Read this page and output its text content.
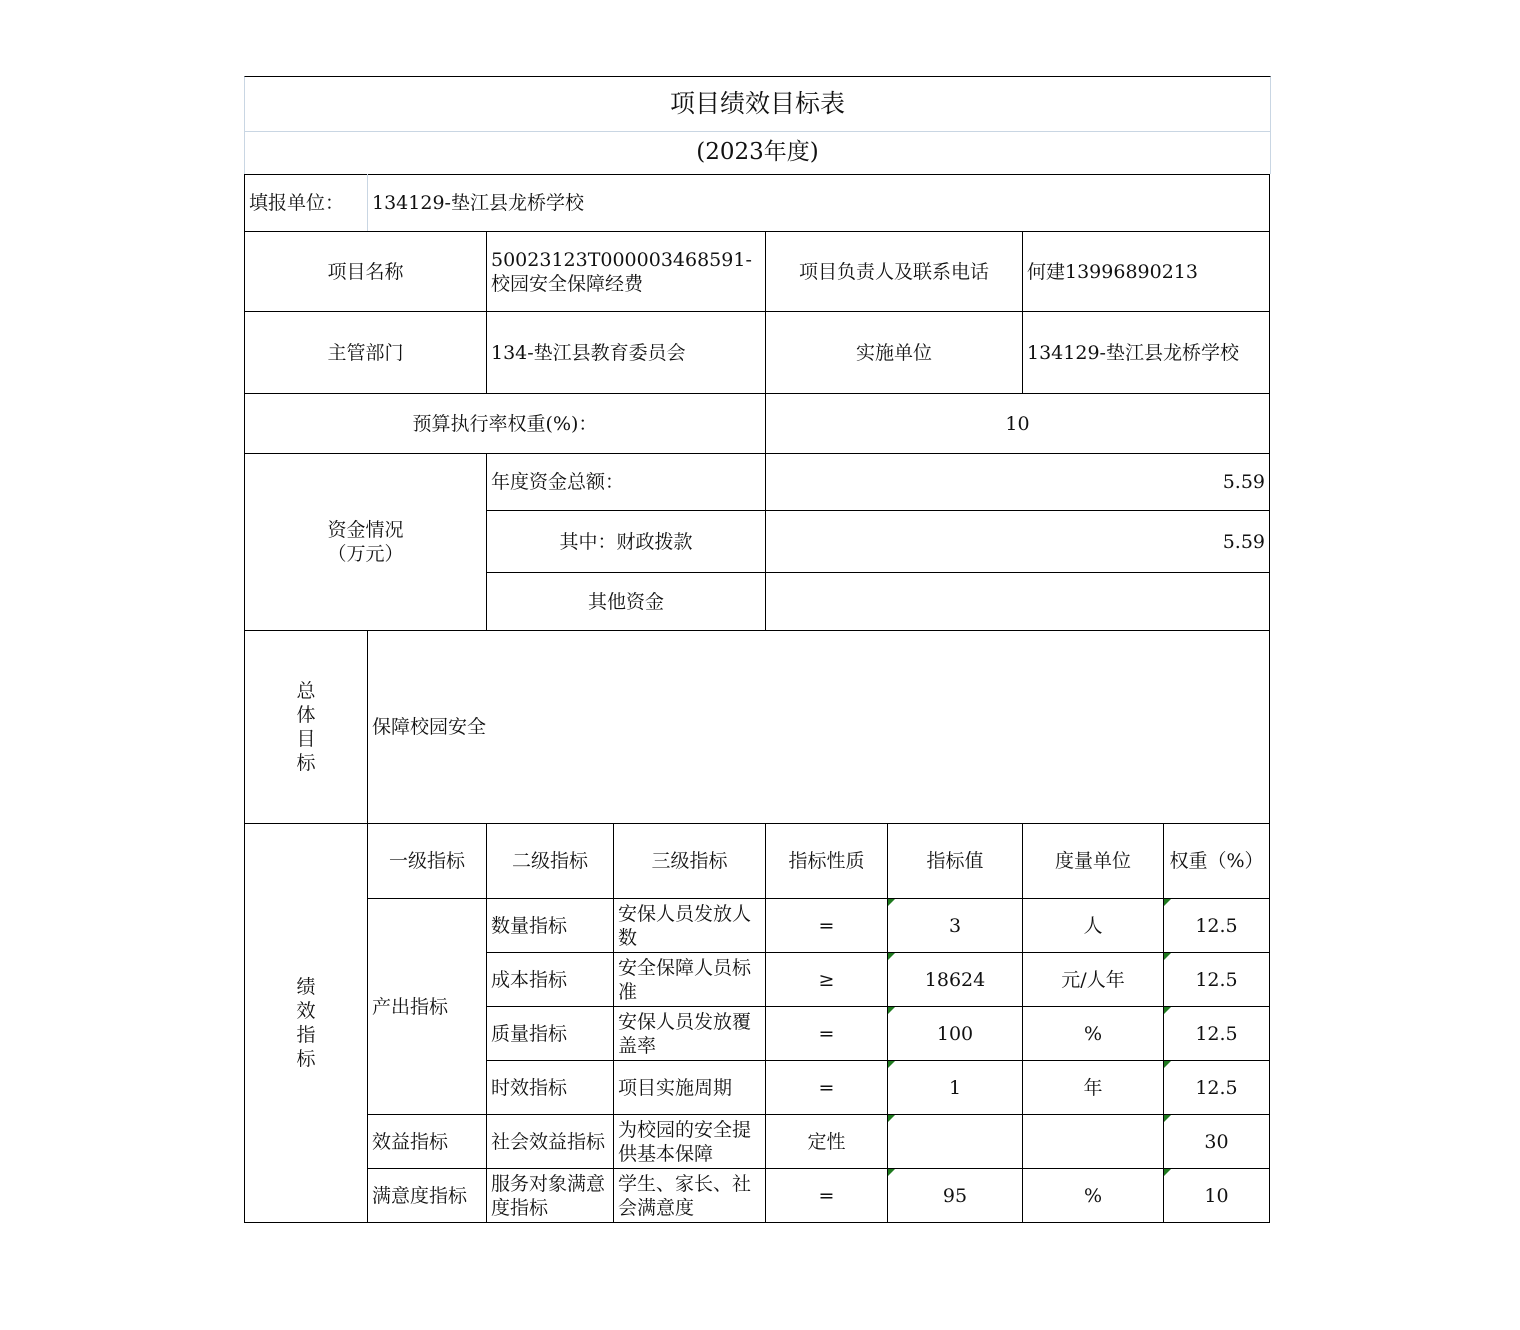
项目绩效目标表
(2023年度)
填报单位：	134129-垫江县龙桥学校						
项目名称		50023123T000003468591-校园安全保障经费		项目负责人及联系电话		何建13996890213	
主管部门		134-垫江县教育委员会		实施单位		134129-垫江县龙桥学校	
预算执行率权重(%)：				10			
资金情况（万元）		年度资金总额：		5.59			
		其中：财政拨款		5.59			
		其他资金					
总体目标	保障校园安全						
绩效指标	一级指标	二级指标	三级指标	指标性质	指标值	度量单位	权重（%）
	产出指标	数量指标	安保人员发放人数	=	3	人	12.5
		成本指标	安全保障人员标准	≥	18624	元/人年	12.5
		质量指标	安保人员发放覆盖率	=	100	%	12.5
		时效指标	项目实施周期	=	1	年	12.5
	效益指标	社会效益指标	为校园的安全提供基本保障	定性			30
	满意度指标	服务对象满意度指标	学生、家长、社会满意度	=	95	%	10
